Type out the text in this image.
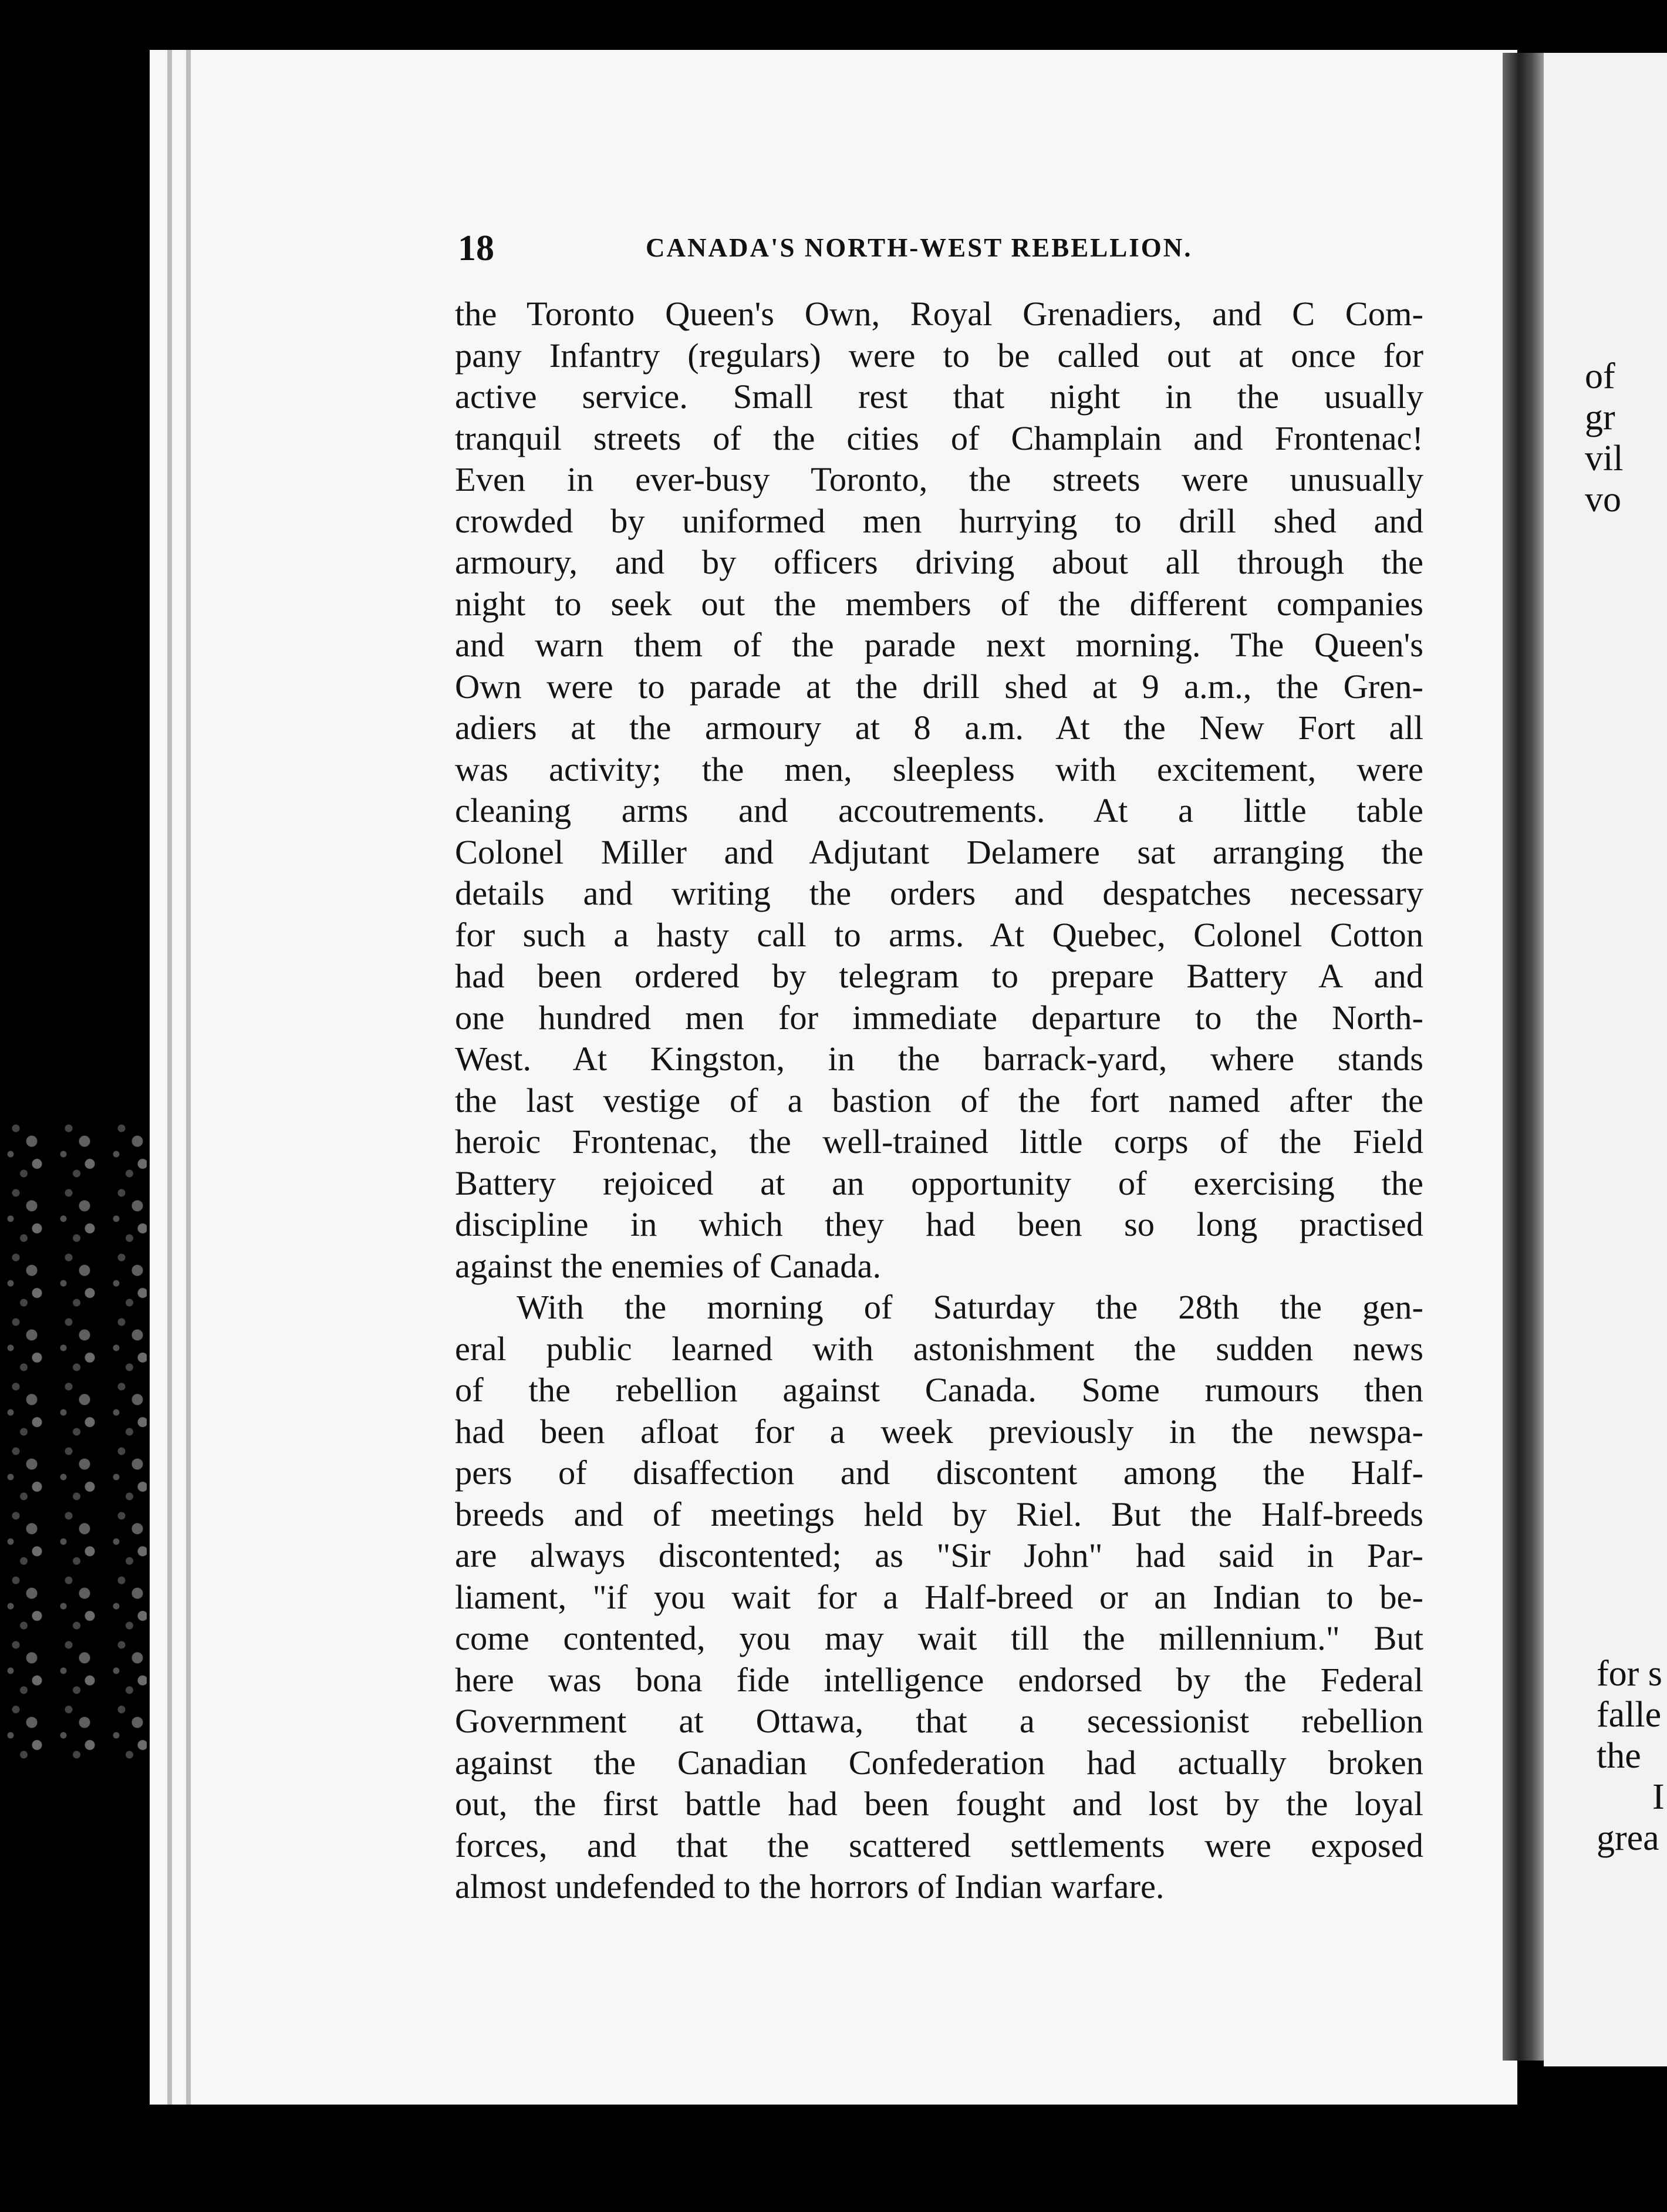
of
gr
vil
vo
for s
falle
the
I
grea
18	CANADA'S NORTH-WEST REBELLION.
the Toronto Queen's Own, Royal Grenadiers, and C Com-
pany Infantry (regulars) were to be called out at once for
active service. Small rest that night in the usually
tranquil streets of the cities of Champlain and Frontenac!
Even in ever-busy Toronto, the streets were unusually
crowded by uniformed men hurrying to drill shed and
armoury, and by officers driving about all through the
night to seek out the members of the different companies
and warn them of the parade next morning. The Queen's
Own were to parade at the drill shed at 9 a.m., the Gren-
adiers at the armoury at 8 a.m. At the New Fort all
was activity; the men, sleepless with excitement, were
cleaning arms and accoutrements. At a little table
Colonel Miller and Adjutant Delamere sat arranging the
details and writing the orders and despatches necessary
for such a hasty call to arms. At Quebec, Colonel Cotton
had been ordered by telegram to prepare Battery A and
one hundred men for immediate departure to the North-
West. At Kingston, in the barrack-yard, where stands
the last vestige of a bastion of the fort named after the
heroic Frontenac, the well-trained little corps of the Field
Battery rejoiced at an opportunity of exercising the
discipline in which they had been so long practised
against the enemies of Canada.
With the morning of Saturday the 28th the gen-
eral public learned with astonishment the sudden news
of the rebellion against Canada. Some rumours then
had been afloat for a week previously in the newspa-
pers of disaffection and discontent among the Half-
breeds and of meetings held by Riel. But the Half-breeds
are always discontented; as "Sir John" had said in Par-
liament, "if you wait for a Half-breed or an Indian to be-
come contented, you may wait till the millennium." But
here was bona fide intelligence endorsed by the Federal
Government at Ottawa, that a secessionist rebellion
against the Canadian Confederation had actually broken
out, the first battle had been fought and lost by the loyal
forces, and that the scattered settlements were exposed
almost undefended to the horrors of Indian warfare.
